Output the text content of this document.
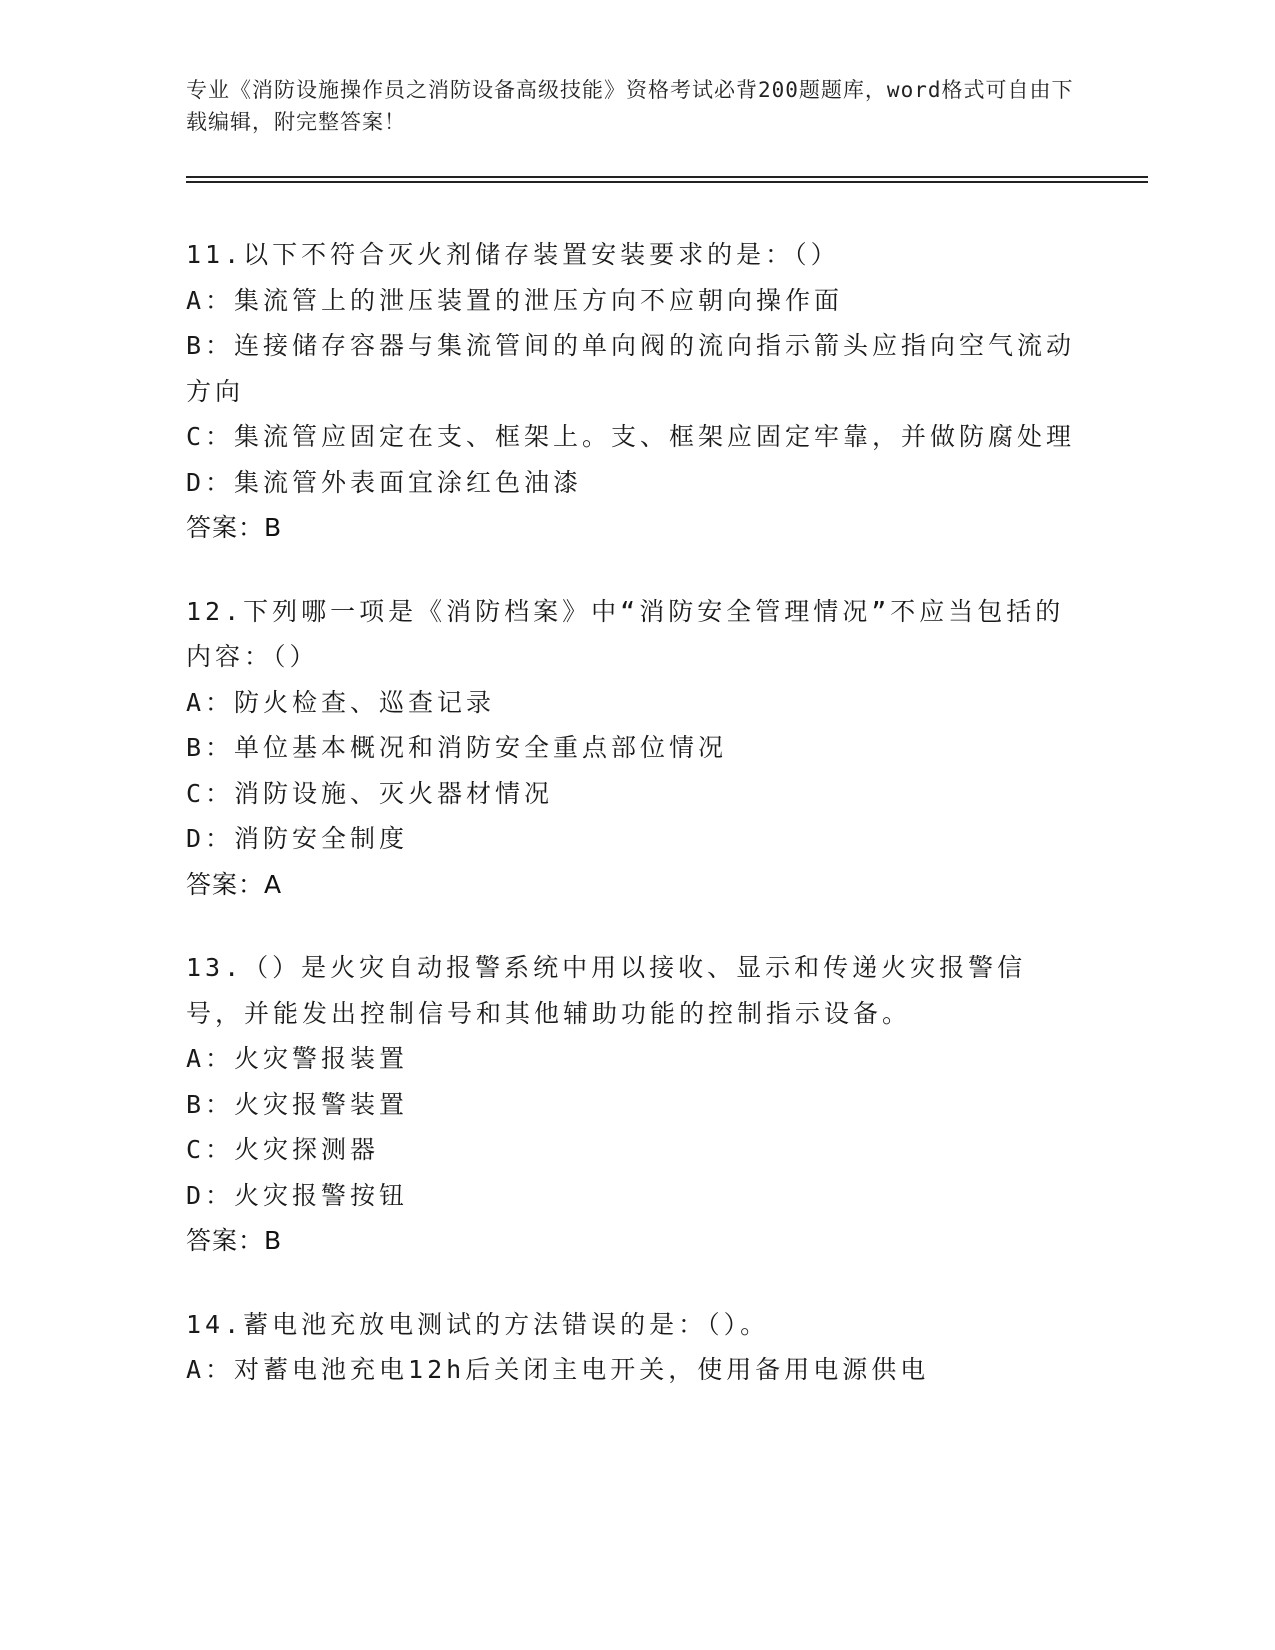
专业《消防设施操作员之消防设备高级技能》资格考试必背200题题库，word格式可自由下载编辑，附完整答案！
11.以下不符合灭火剂储存装置安装要求的是：（）
A：集流管上的泄压装置的泄压方向不应朝向操作面
B：连接储存容器与集流管间的单向阀的流向指示箭头应指向空气流动方向
C：集流管应固定在支、框架上。支、框架应固定牢靠，并做防腐处理
D：集流管外表面宜涂红色油漆
答案：B
12.下列哪一项是《消防档案》中“消防安全管理情况”不应当包括的内容：（）
A：防火检查、巡查记录
B：单位基本概况和消防安全重点部位情况
C：消防设施、灭火器材情况
D：消防安全制度
答案：A
13.（）是火灾自动报警系统中用以接收、显示和传递火灾报警信号，并能发出控制信号和其他辅助功能的控制指示设备。
A：火灾警报装置
B：火灾报警装置
C：火灾探测器
D：火灾报警按钮
答案：B
14.蓄电池充放电测试的方法错误的是：（）。
A：对蓄电池充电12h后关闭主电开关，使用备用电源供电
